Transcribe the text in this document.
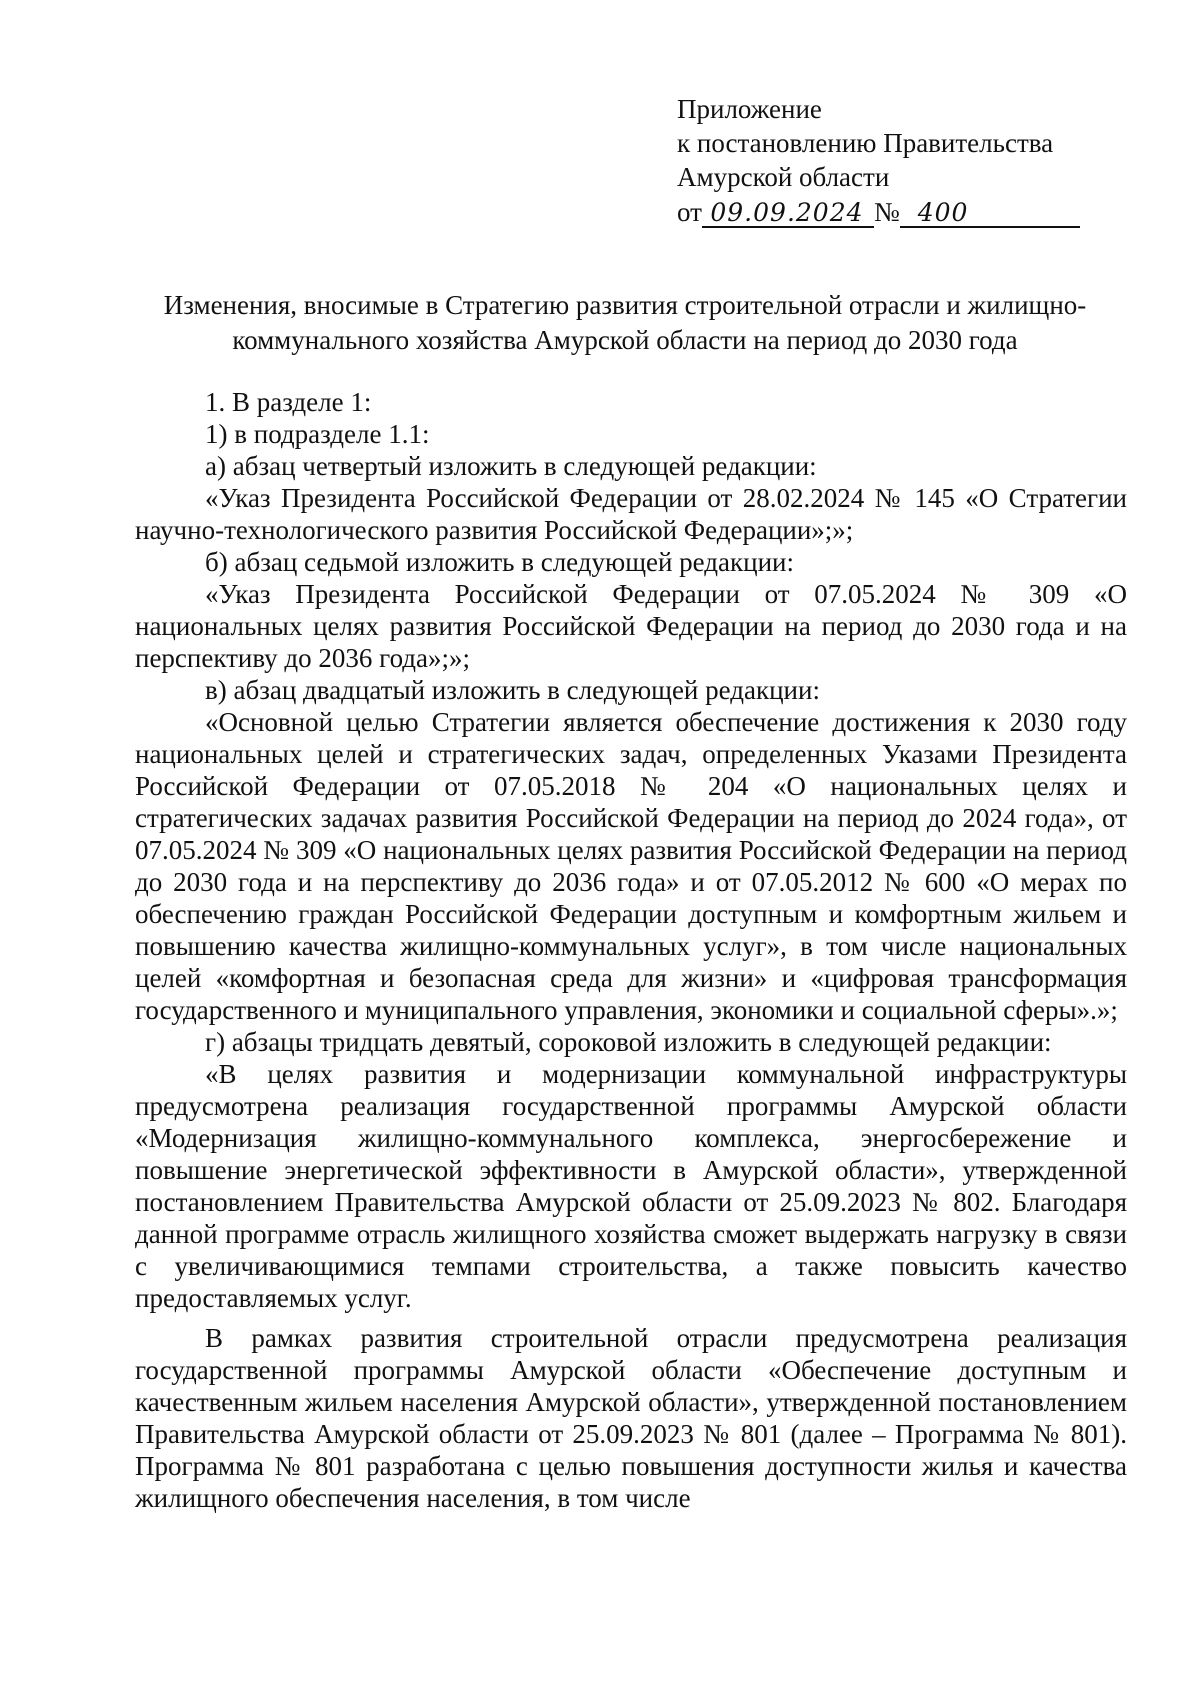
Приложение
к постановлению Правительства
Амурской области
от 09.09.2024 № 400
Изменения, вносимые в Стратегию развития строительной отрасли и жилищно-
коммунального хозяйства Амурской области на период до 2030 года

1. В разделе 1:

1) в подразделе 1.1:

а) абзац четвертый изложить в следующей редакции:

«Указ Президента Российской Федерации от 28.02.2024 № 145 «О Стратегии научно-технологического развития Российской Федерации»;»;

б) абзац седьмой изложить в следующей редакции:

«Указ Президента Российской Федерации от 07.05.2024 № 309 «О национальных целях развития Российской Федерации на период до 2030 года и на перспективу до 2036 года»;»;

в) абзац двадцатый изложить в следующей редакции:

«Основной целью Стратегии является обеспечение достижения к 2030 году национальных целей и стратегических задач, определенных Указами Президента Российской Федерации от 07.05.2018 № 204 «О национальных целях и стратегических задачах развития Российской Федерации на период до 2024 года», от 07.05.2024 № 309 «О национальных целях развития Российской Федерации на период до 2030 года и на перспективу до 2036 года» и от 07.05.2012 № 600 «О мерах по обеспечению граждан Российской Федерации доступным и комфортным жильем и повышению качества жилищно-коммунальных услуг», в том числе национальных целей «комфортная и безопасная среда для жизни» и «цифровая трансформация государственного и муниципального управления, экономики и социальной сферы».»;

г) абзацы тридцать девятый, сороковой изложить в следующей редакции:

«В целях развития и модернизации коммунальной инфраструктуры предусмотрена реализация государственной программы Амурской области «Модернизация жилищно-коммунального комплекса, энергосбережение и повышение энергетической эффективности в Амурской области», утвержденной постановлением Правительства Амурской области от 25.09.2023 № 802. Благодаря данной программе отрасль жилищного хозяйства сможет выдержать нагрузку в связи с увеличивающимися темпами строительства, а также повысить качество предоставляемых услуг.

В рамках развития строительной отрасли предусмотрена реализация государственной программы Амурской области «Обеспечение доступным и качественным жильем населения Амурской области», утвержденной постановлением Правительства Амурской области от 25.09.2023 № 801 (далее – Программа № 801). Программа № 801 разработана с целью повышения доступности жилья и качества жилищного обеспечения населения, в том числе
